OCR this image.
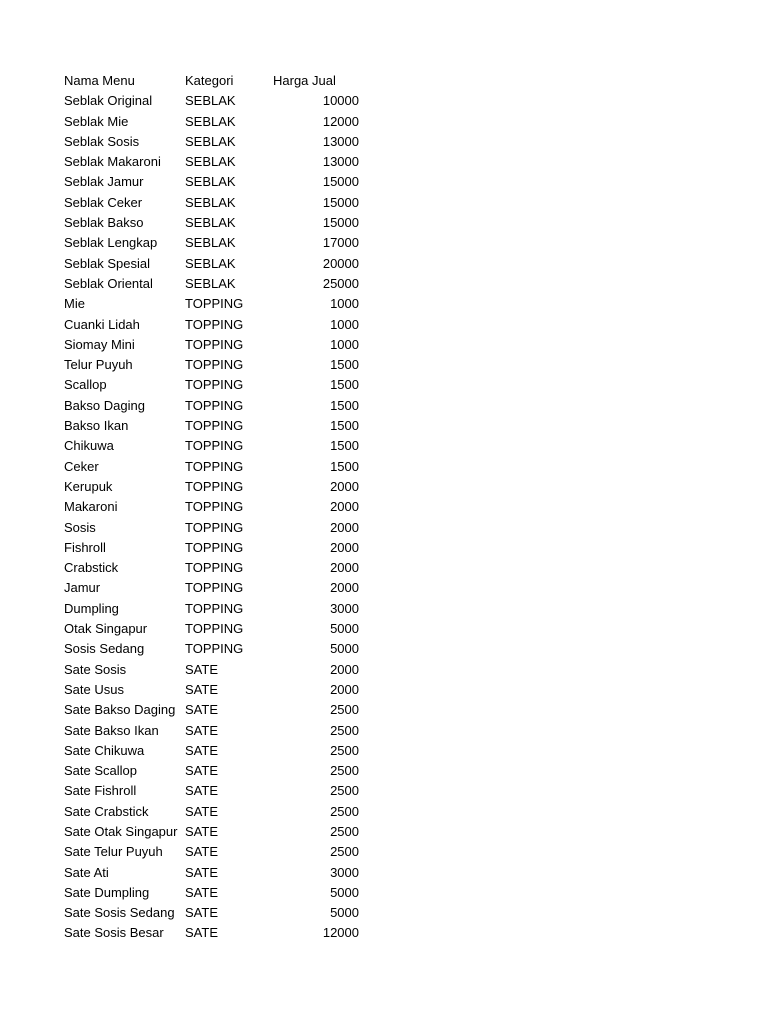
Nama Menu	Kategori	Harga Jual
Seblak Original	SEBLAK	10000
Seblak Mie	SEBLAK	12000
Seblak Sosis	SEBLAK	13000
Seblak Makaroni	SEBLAK	13000
Seblak Jamur	SEBLAK	15000
Seblak Ceker	SEBLAK	15000
Seblak Bakso	SEBLAK	15000
Seblak Lengkap	SEBLAK	17000
Seblak Spesial	SEBLAK	20000
Seblak Oriental	SEBLAK	25000
Mie	TOPPING	1000
Cuanki Lidah	TOPPING	1000
Siomay Mini	TOPPING	1000
Telur Puyuh	TOPPING	1500
Scallop	TOPPING	1500
Bakso Daging	TOPPING	1500
Bakso Ikan	TOPPING	1500
Chikuwa	TOPPING	1500
Ceker	TOPPING	1500
Kerupuk	TOPPING	2000
Makaroni	TOPPING	2000
Sosis	TOPPING	2000
Fishroll	TOPPING	2000
Crabstick	TOPPING	2000
Jamur	TOPPING	2000
Dumpling	TOPPING	3000
Otak Singapur	TOPPING	5000
Sosis Sedang	TOPPING	5000
Sate Sosis	SATE	2000
Sate Usus	SATE	2000
Sate Bakso Daging	SATE	2500
Sate Bakso Ikan	SATE	2500
Sate Chikuwa	SATE	2500
Sate Scallop	SATE	2500
Sate Fishroll	SATE	2500
Sate Crabstick	SATE	2500
Sate Otak Singapur	SATE	2500
Sate Telur Puyuh	SATE	2500
Sate Ati	SATE	3000
Sate Dumpling	SATE	5000
Sate Sosis Sedang	SATE	5000
Sate Sosis Besar	SATE	12000
